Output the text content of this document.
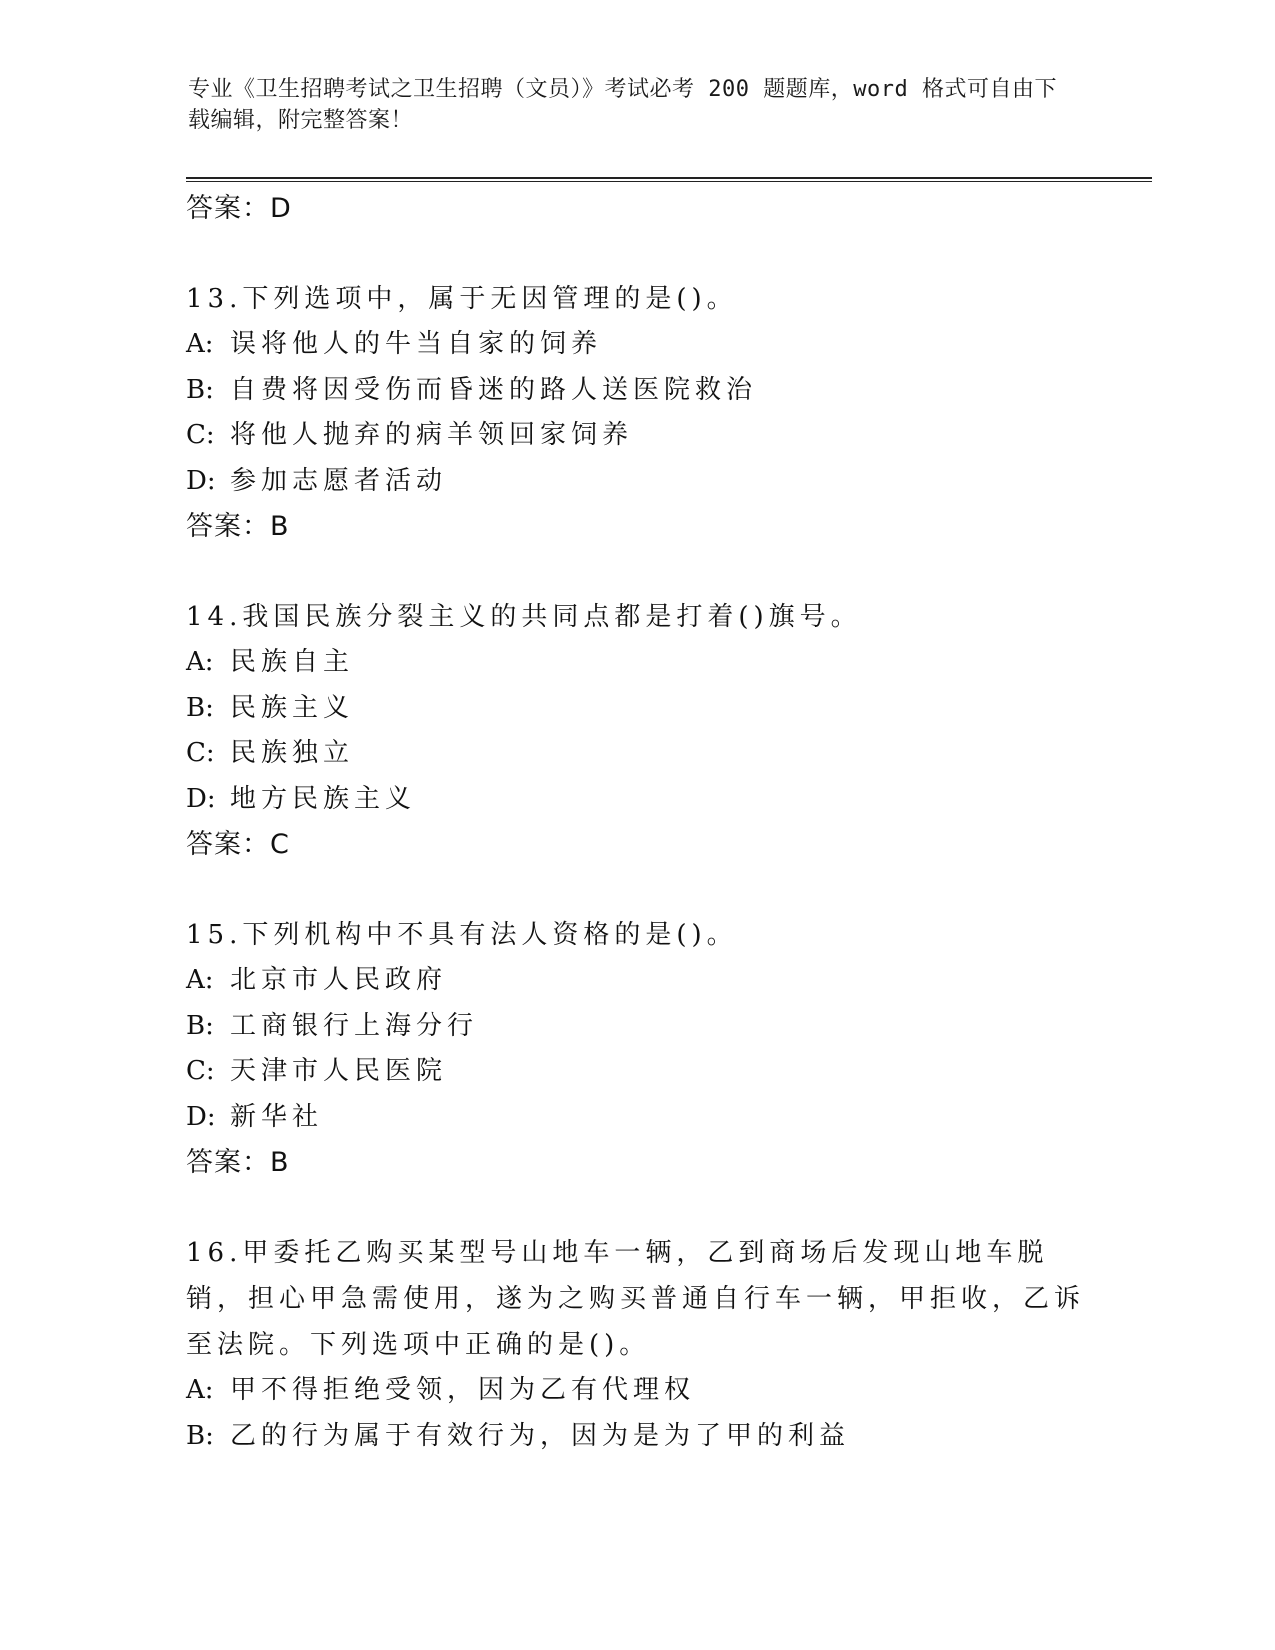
专业《卫生招聘考试之卫生招聘（文员）》考试必考 200 题题库，word 格式可自由下载编辑，附完整答案！
答案：D
13.下列选项中，属于无因管理的是()。
A: 误将他人的牛当自家的饲养
B: 自费将因受伤而昏迷的路人送医院救治
C: 将他人抛弃的病羊领回家饲养
D: 参加志愿者活动
答案：B
14.我国民族分裂主义的共同点都是打着()旗号。
A: 民族自主
B: 民族主义
C: 民族独立
D: 地方民族主义
答案：C
15.下列机构中不具有法人资格的是()。
A: 北京市人民政府
B: 工商银行上海分行
C: 天津市人民医院
D: 新华社
答案：B
16.甲委托乙购买某型号山地车一辆，乙到商场后发现山地车脱销，担心甲急需使用，遂为之购买普通自行车一辆，甲拒收，乙诉至法院。下列选项中正确的是()。
A: 甲不得拒绝受领，因为乙有代理权
B: 乙的行为属于有效行为，因为是为了甲的利益
